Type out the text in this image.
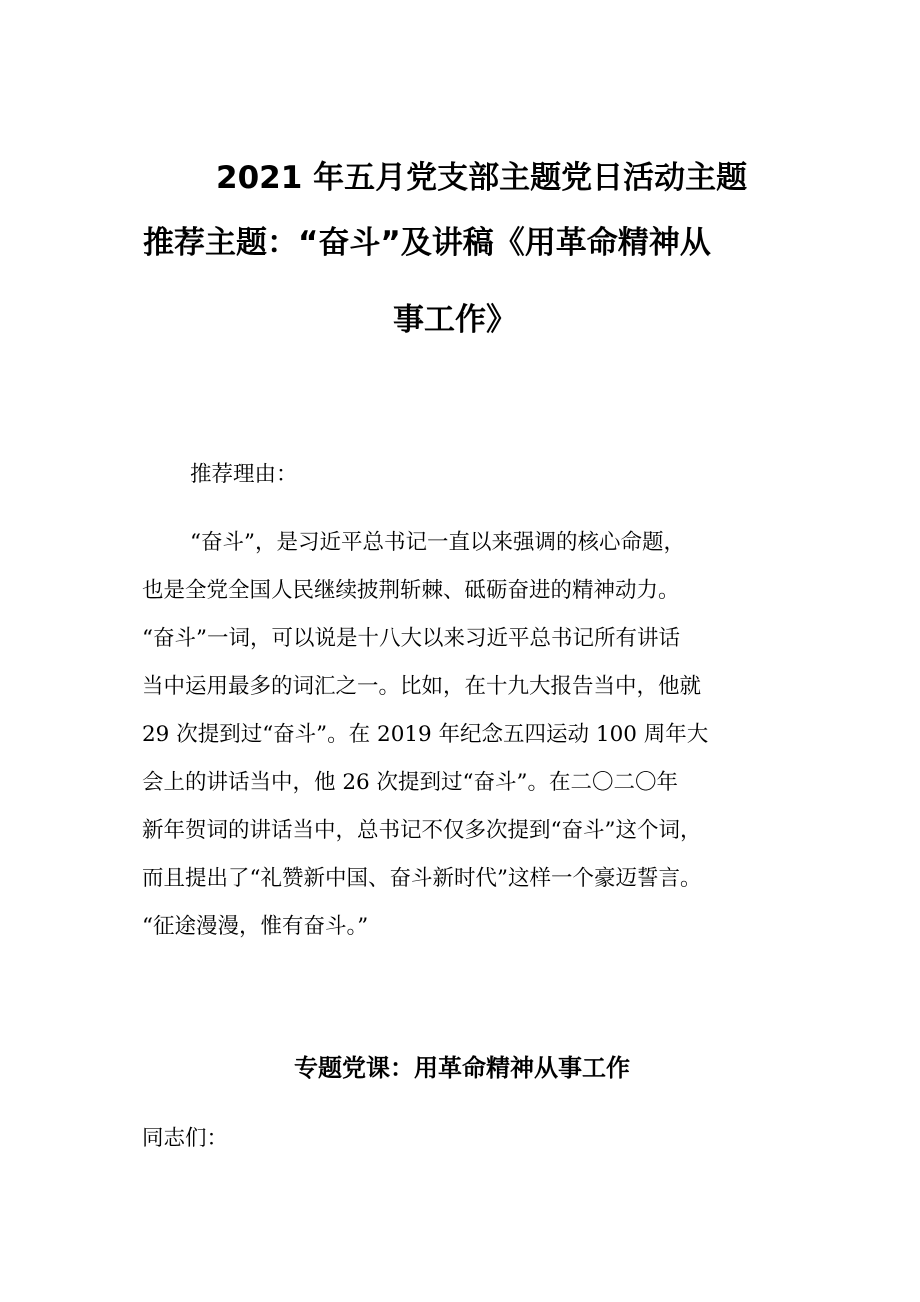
2021 年五月党支部主题党日活动主题
推荐主题：“奋斗”及讲稿《用革命精神从
事工作》
推荐理由：
“奋斗”，是习近平总书记一直以来强调的核心命题，
也是全党全国人民继续披荆斩棘、砥砺奋进的精神动力。
“奋斗”一词，可以说是十八大以来习近平总书记所有讲话
当中运用最多的词汇之一。比如，在十九大报告当中，他就
29 次提到过“奋斗”。在 2019 年纪念五四运动 100 周年大
会上的讲话当中，他 26 次提到过“奋斗”。在二〇二〇年
新年贺词的讲话当中，总书记不仅多次提到“奋斗”这个词，
而且提出了“礼赞新中国、奋斗新时代”这样一个豪迈誓言。
“征途漫漫，惟有奋斗。”
专题党课：用革命精神从事工作
同志们：
